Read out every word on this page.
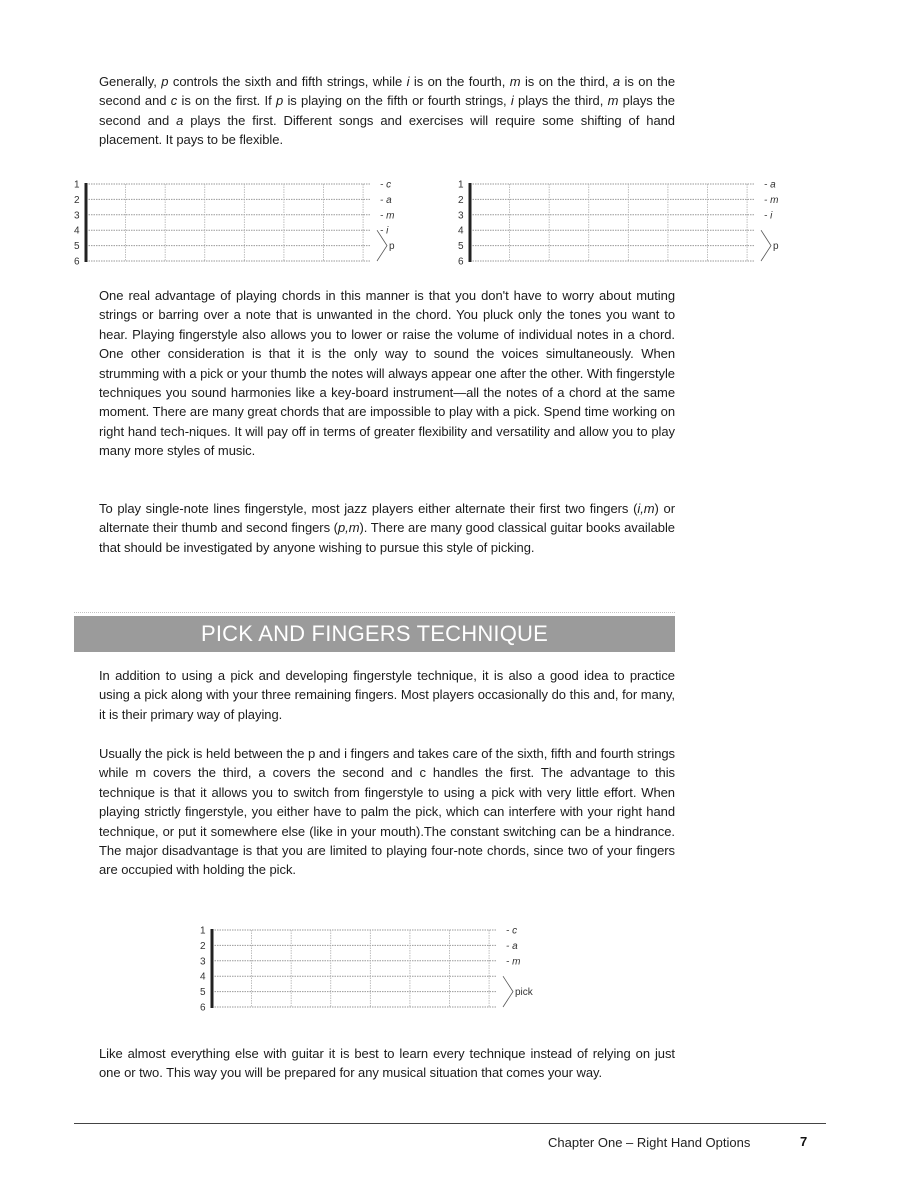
Generally, p controls the sixth and fifth strings, while i is on the fourth, m is on the third, a is on the second and c is on the first. If p is playing on the fifth or fourth strings, i plays the third, m plays the second and a plays the first. Different songs and exercises will require some shifting of hand placement. It pays to be flexible.

1
2
3
4
5
6
- c
- a
- m
- i
p
1
2
3
4
5
6
- a
- m
- i
p

One real advantage of playing chords in this manner is that you don't have to worry about muting strings or barring over a note that is unwanted in the chord. You pluck only the tones you want to hear. Playing fingerstyle also allows you to lower or raise the volume of individual notes in a chord. One other consideration is that it is the only way to sound the voices simultaneously. When strumming with a pick or your thumb the notes will always appear one after the other. With fingerstyle techniques you sound harmonies like a key-board instrument—all the notes of a chord at the same moment. There are many great chords that are impossible to play with a pick. Spend time working on right hand tech-niques. It will pay off in terms of greater flexibility and versatility and allow you to play many more styles of music.

To play single-note lines fingerstyle, most jazz players either alternate their first two fingers (i,m) or alternate their thumb and second fingers (p,m). There are many good classical guitar books available that should be investigated by anyone wishing to pursue this style of picking.

PICK AND FINGERS TECHNIQUE

In addition to using a pick and developing fingerstyle technique, it is also a good idea to practice using a pick along with your three remaining fingers. Most players occasionally do this and, for many, it is their primary way of playing.

Usually the pick is held between the p and i fingers and takes care of the sixth, fifth and fourth strings while m covers the third, a covers the second and c handles the first. The advantage to this technique is that it allows you to switch from fingerstyle to using a pick with very little effort. When playing strictly fingerstyle, you either have to palm the pick, which can interfere with your right hand technique, or put it somewhere else (like in your mouth).The constant switching can be a hindrance. The major disadvantage is that you are limited to playing four-note chords, since two of your fingers are occupied with holding the pick.

1
2
3
4
5
6
- c
- a
- m
pick

Like almost everything else with guitar it is best to learn every technique instead of relying on just one or two. This way you will be prepared for any musical situation that comes your way.

Chapter One – Right Hand Options	7
